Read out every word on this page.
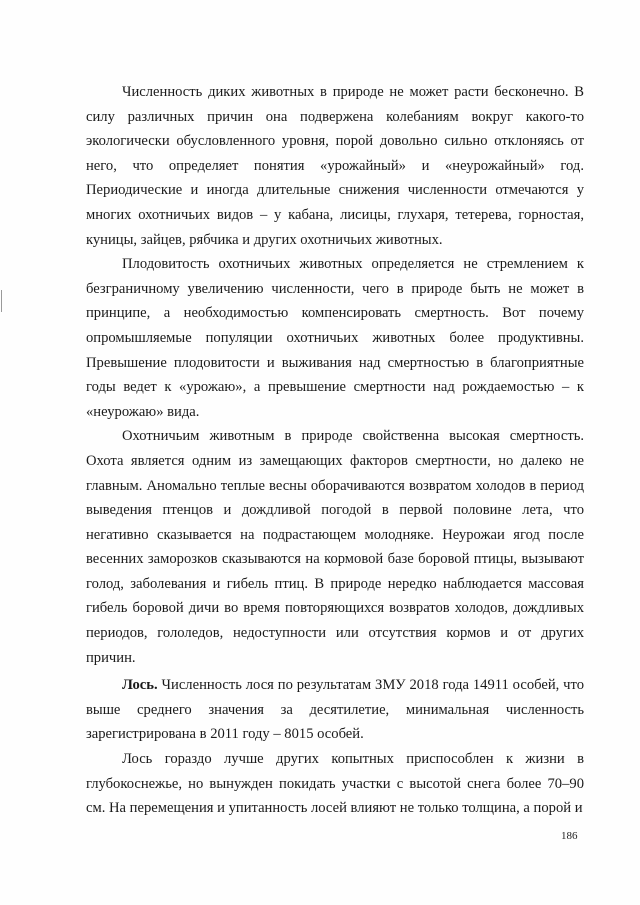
Численность диких животных в природе не может расти бесконечно. В силу различных причин она подвержена колебаниям вокруг какого-то экологически обусловленного уровня, порой довольно сильно отклоняясь от него, что определяет понятия «урожайный» и «неурожайный» год. Периодические и иногда длительные снижения численности отмечаются у многих охотничьих видов – у кабана, лисицы, глухаря, тетерева, горностая, куницы, зайцев, рябчика и других охотничьих животных.

Плодовитость охотничьих животных определяется не стремлением к безграничному увеличению численности, чего в природе быть не может в принципе, а необходимостью компенсировать смертность. Вот почему опромышляемые популяции охотничьих животных более продуктивны. Превышение плодовитости и выживания над смертностью в благоприятные годы ведет к «урожаю», а превышение смертности над рождаемостью – к «неурожаю» вида.

Охотничьим животным в природе свойственна высокая смертность. Охота является одним из замещающих факторов смертности, но далеко не главным. Аномально теплые весны оборачиваются возвратом холодов в период выведения птенцов и дождливой погодой в первой половине лета, что негативно сказывается на подрастающем молодняке. Неурожаи ягод после весенних заморозков сказываются на кормовой базе боровой птицы, вызывают голод, заболевания и гибель птиц. В природе нередко наблюдается массовая гибель боровой дичи во время повторяющихся возвратов холодов, дождливых периодов, гололедов, недоступности или отсутствия кормов и от других причин.

Лось. Численность лося по результатам ЗМУ 2018 года 14911 особей, что выше среднего значения за десятилетие, минимальная численность зарегистрирована в 2011 году – 8015 особей.

Лось гораздо лучше других копытных приспособлен к жизни в глубокоснежье, но вынужден покидать участки с высотой снега более 70–90 см. На перемещения и упитанность лосей влияют не только толщина, а порой и

186
